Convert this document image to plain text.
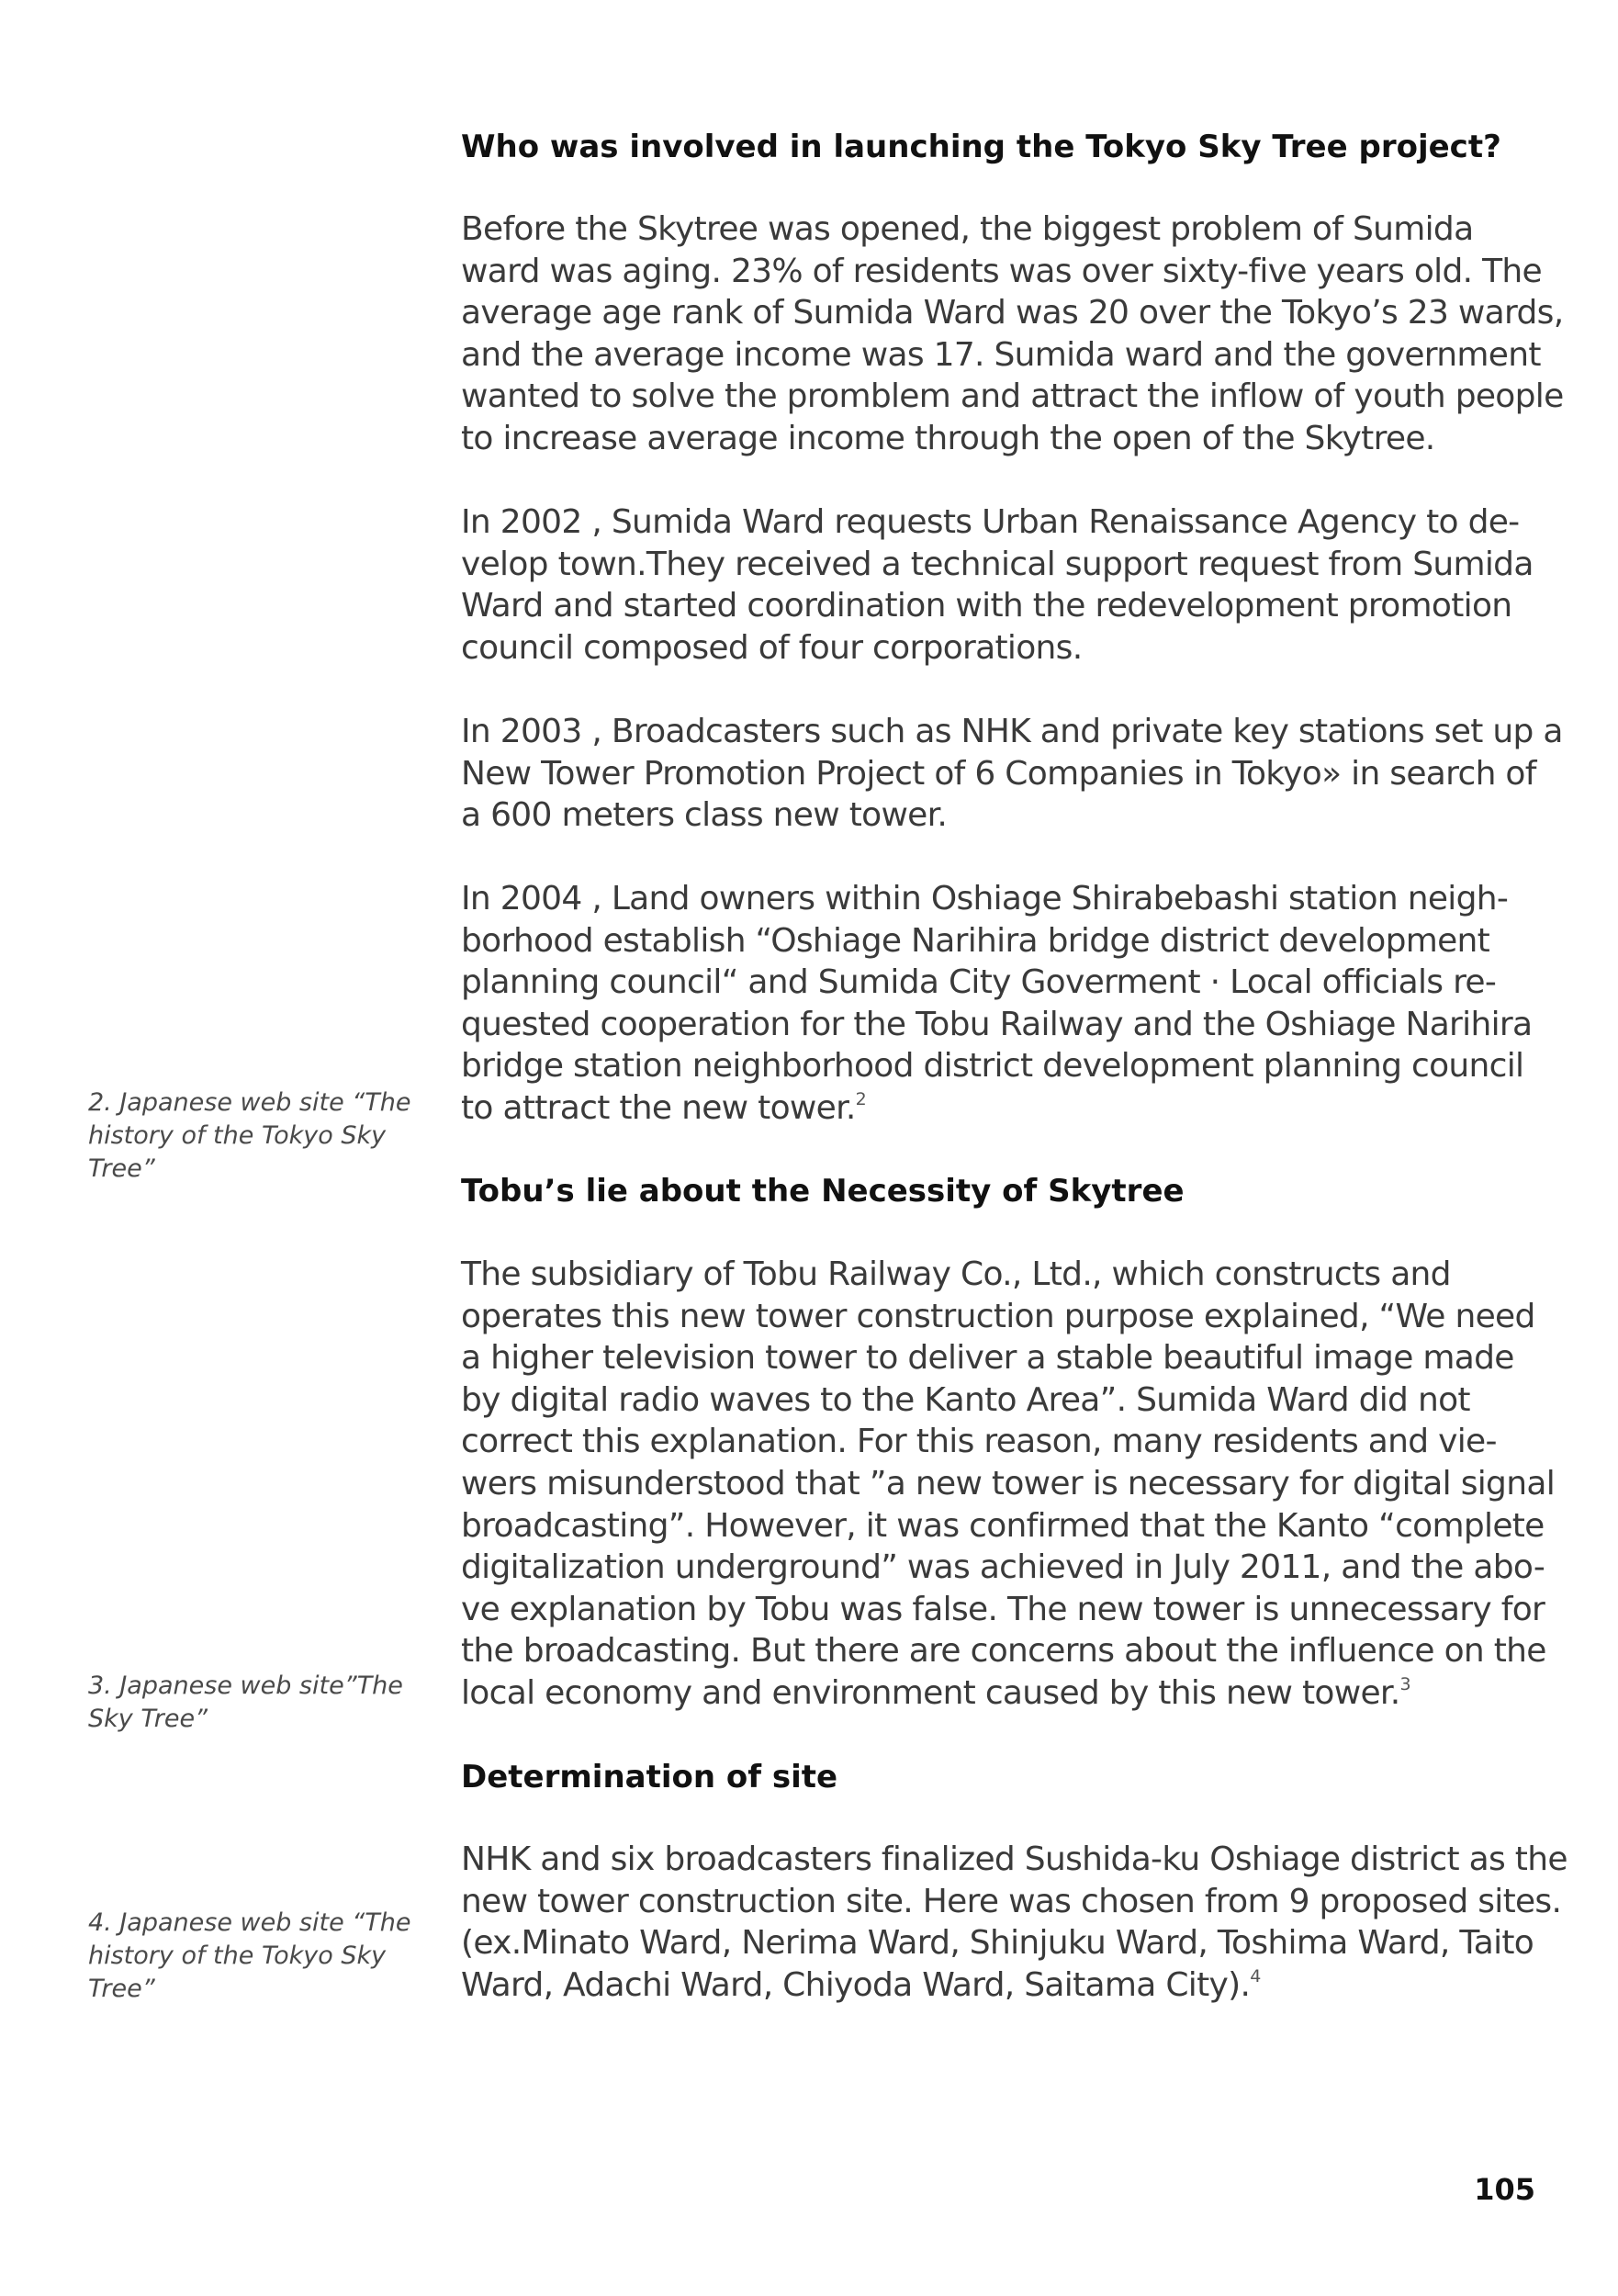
Who was involved in launching the Tokyo Sky Tree project?

Before the Skytree was opened, the biggest problem of Sumida
ward was aging. 23% of residents was over sixty-five years old. The
average age rank of Sumida Ward was 20 over the Tokyo’s 23 wards,
and the average income was 17. Sumida ward and the government
wanted to solve the promblem and attract the inflow of youth people
to increase average income through the open of the Skytree.

In 2002 , Sumida Ward requests Urban Renaissance Agency to de-
velop town.They received a technical support request from Sumida
Ward and started coordination with the redevelopment promotion
council composed of four corporations.

In 2003 , Broadcasters such as NHK and private key stations set up a
New Tower Promotion Project of 6 Companies in Tokyo» in search of
a 600 meters class new tower.

In 2004 , Land owners within Oshiage Shirabebashi station neigh-
borhood establish “Oshiage Narihira bridge district development
planning council“ and Sumida City Goverment · Local officials re-
quested cooperation for the Tobu Railway and the Oshiage Narihira
bridge station neighborhood district development planning council
to attract the new tower.$^2$

Tobu’s lie about the Necessity of Skytree

The subsidiary of Tobu Railway Co., Ltd., which constructs and
operates this new tower construction purpose explained, “We need
a higher television tower to deliver a stable beautiful image made
by digital radio waves to the Kanto Area”. Sumida Ward did not
correct this explanation. For this reason, many residents and vie-
wers misunderstood that ”a new tower is necessary for digital signal
broadcasting”. However, it was confirmed that the Kanto “complete
digitalization underground” was achieved in July 2011, and the abo-
ve explanation by Tobu was false. The new tower is unnecessary for
the broadcasting. But there are concerns about the influence on the
local economy and environment caused by this new tower.$^3$

Determination of site

NHK and six broadcasters finalized Sushida-ku Oshiage district as the
new tower construction site. Here was chosen from 9 proposed sites.
(ex.Minato Ward, Nerima Ward, Shinjuku Ward, Toshima Ward, Taito
Ward, Adachi Ward, Chiyoda Ward, Saitama City).$^4$

2. Japanese web site “The
history of the Tokyo Sky
Tree”

3. Japanese web site”The
Sky Tree”

4. Japanese web site “The
history of the Tokyo Sky
Tree”

105
